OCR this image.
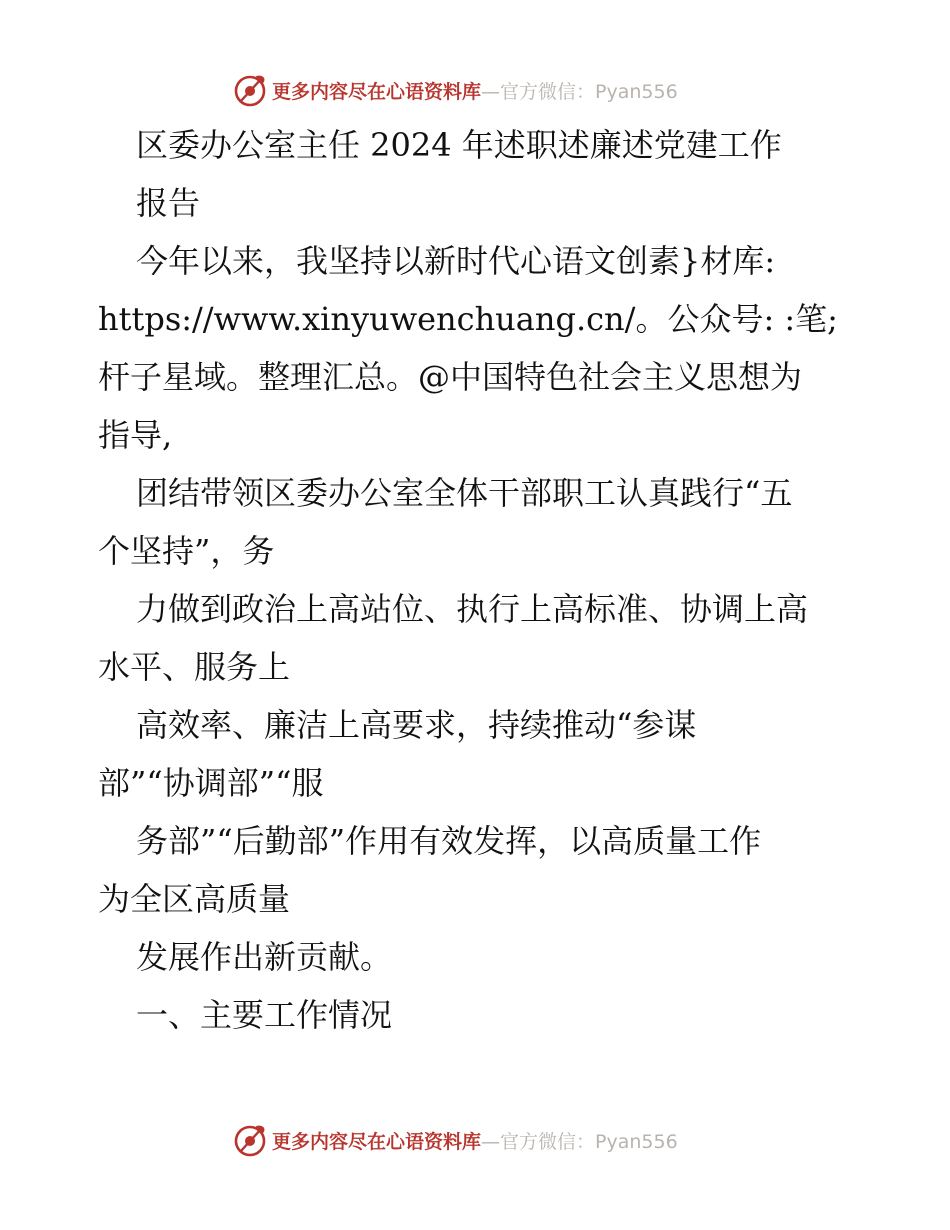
更多内容尽在心语资料库 —官方微信：Pyan556
区委办公室主任 2024 年述职述廉述党建工作
报告
今年以来，我坚持以新时代心语文创素}材库:
https://www.xinyuwenchuang.cn/。公众号: :笔;
杆子星域。整理汇总。@中国特色社会主义思想为
指导,
团结带领区委办公室全体干部职工认真践行“五
个坚持”，务
力做到政治上高站位、执行上高标准、协调上高
水平、服务上
高效率、廉洁上高要求，持续推动“参谋
部”“协调部”“服
务部”“后勤部”作用有效发挥，以高质量工作
为全区高质量
发展作出新贡献。
一、主要工作情况
更多内容尽在心语资料库 —官方微信：Pyan556
